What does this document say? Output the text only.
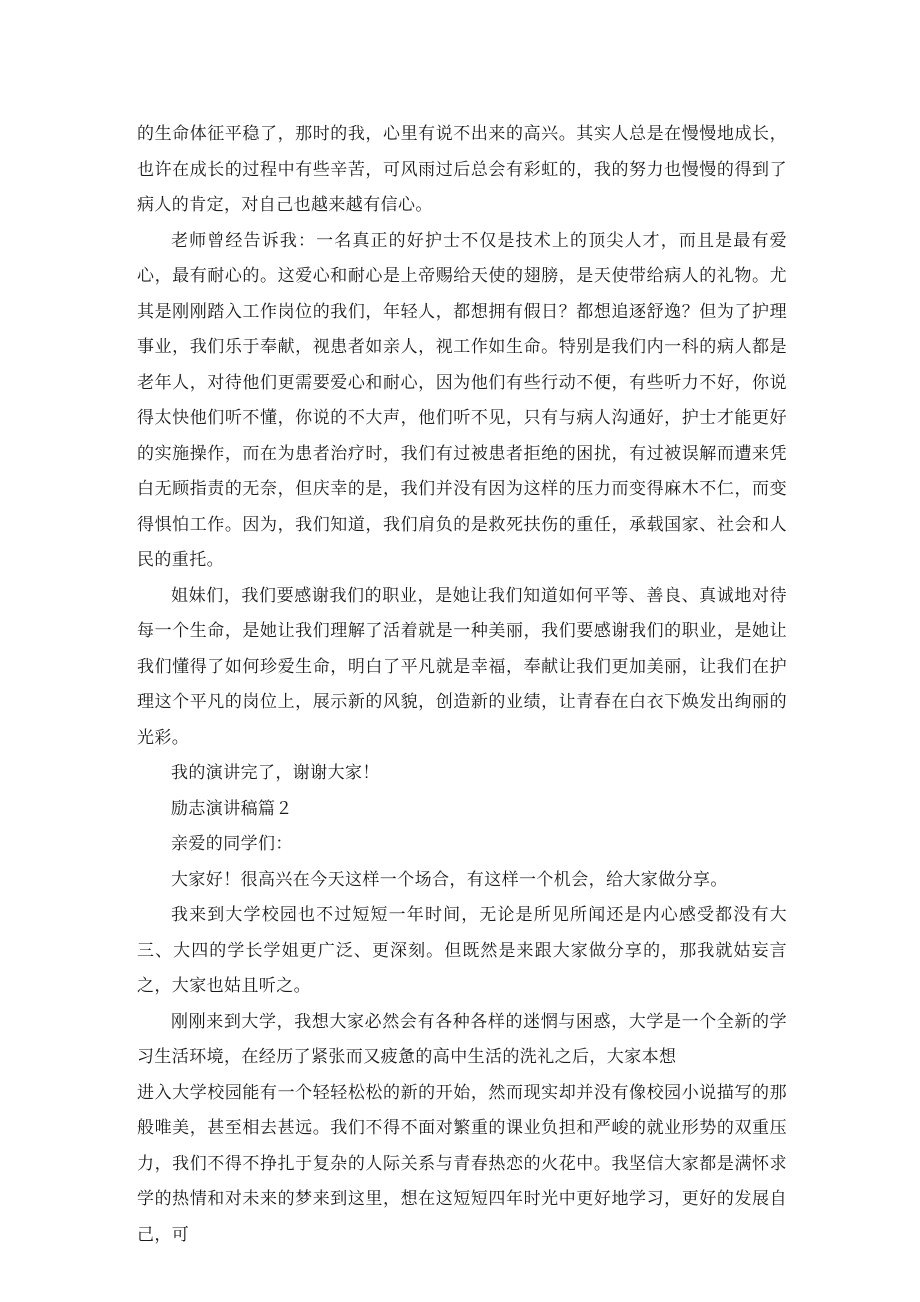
的生命体征平稳了，那时的我，心里有说不出来的高兴。其实人总是在慢慢地成长，也许在成长的过程中有些辛苦，可风雨过后总会有彩虹的，我的努力也慢慢的得到了病人的肯定，对自己也越来越有信心。

老师曾经告诉我：一名真正的好护士不仅是技术上的顶尖人才，而且是最有爱心，最有耐心的。这爱心和耐心是上帝赐给天使的翅膀，是天使带给病人的礼物。尤其是刚刚踏入工作岗位的我们，年轻人，都想拥有假日？都想追逐舒逸？但为了护理事业，我们乐于奉献，视患者如亲人，视工作如生命。特别是我们内一科的病人都是老年人，对待他们更需要爱心和耐心，因为他们有些行动不便，有些听力不好，你说得太快他们听不懂，你说的不大声，他们听不见，只有与病人沟通好，护士才能更好的实施操作，而在为患者治疗时，我们有过被患者拒绝的困扰，有过被误解而遭来凭白无顾指责的无奈，但庆幸的是，我们并没有因为这样的压力而变得麻木不仁，而变得惧怕工作。因为，我们知道，我们肩负的是救死扶伤的重任，承载国家、社会和人民的重托。

姐妹们，我们要感谢我们的职业，是她让我们知道如何平等、善良、真诚地对待每一个生命，是她让我们理解了活着就是一种美丽，我们要感谢我们的职业，是她让我们懂得了如何珍爱生命，明白了平凡就是幸福，奉献让我们更加美丽，让我们在护理这个平凡的岗位上，展示新的风貌，创造新的业绩，让青春在白衣下焕发出绚丽的光彩。

我的演讲完了，谢谢大家！

励志演讲稿篇２

亲爱的同学们：

大家好！很高兴在今天这样一个场合，有这样一个机会，给大家做分享。

我来到大学校园也不过短短一年时间，无论是所见所闻还是内心感受都没有大三、大四的学长学姐更广泛、更深刻。但既然是来跟大家做分享的，那我就姑妄言之，大家也姑且听之。

刚刚来到大学，我想大家必然会有各种各样的迷惘与困惑，大学是一个全新的学习生活环境，在经历了紧张而又疲惫的高中生活的洗礼之后，大家本想

进入大学校园能有一个轻轻松松的新的开始，然而现实却并没有像校园小说描写的那般唯美，甚至相去甚远。我们不得不面对繁重的课业负担和严峻的就业形势的双重压力，我们不得不挣扎于复杂的人际关系与青春热恋的火花中。我坚信大家都是满怀求学的热情和对未来的梦来到这里，想在这短短四年时光中更好地学习，更好的发展自己，可
